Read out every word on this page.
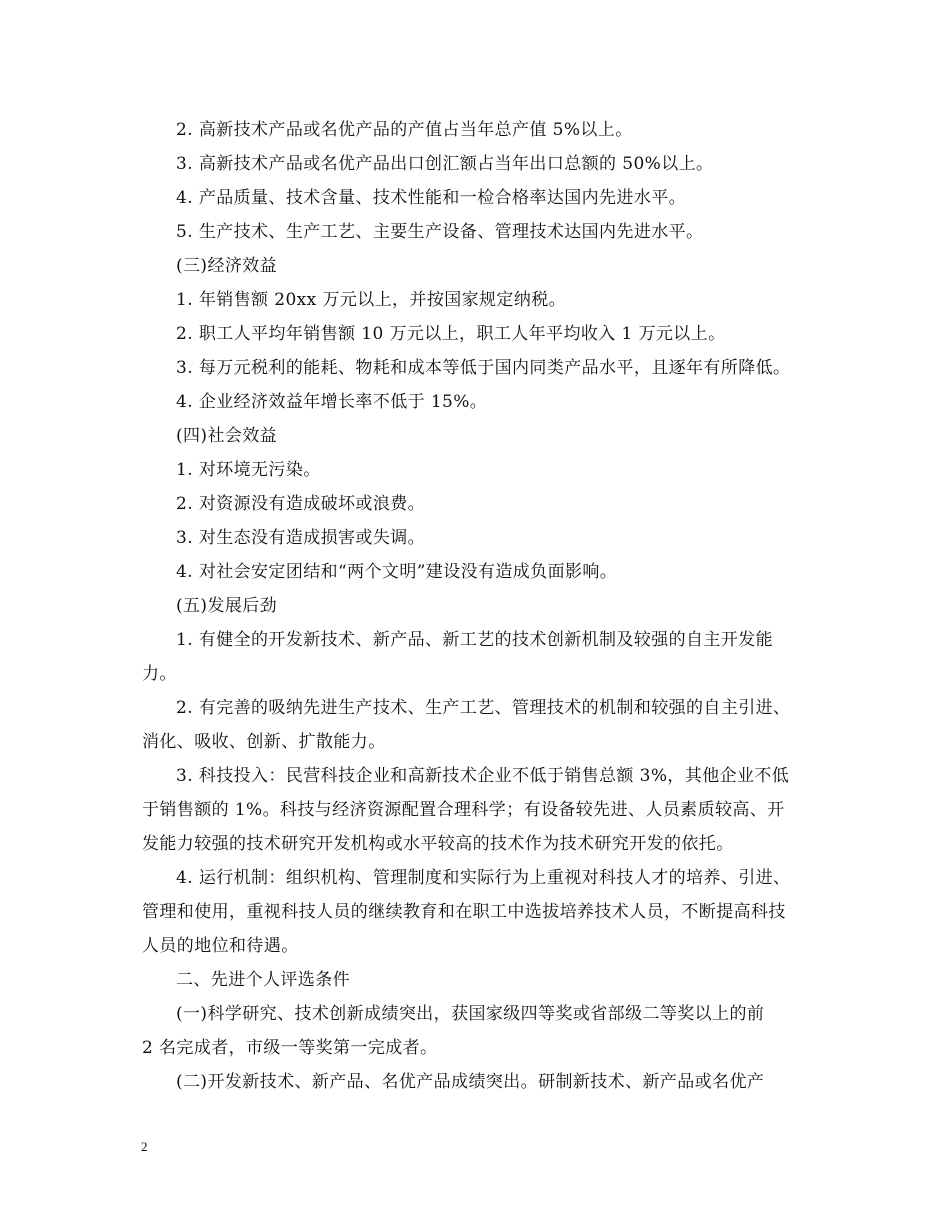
2. 高新技术产品或名优产品的产值占当年总产值 5%以上。
3. 高新技术产品或名优产品出口创汇额占当年出口总额的 50%以上。
4. 产品质量、技术含量、技术性能和一检合格率达国内先进水平。
5. 生产技术、生产工艺、主要生产设备、管理技术达国内先进水平。
(三)经济效益
1. 年销售额 20xx 万元以上，并按国家规定纳税。
2. 职工人平均年销售额 10 万元以上，职工人年平均收入 1 万元以上。
3. 每万元税利的能耗、物耗和成本等低于国内同类产品水平，且逐年有所降低。
4. 企业经济效益年增长率不低于 15%。
(四)社会效益
1. 对环境无污染。
2. 对资源没有造成破坏或浪费。
3. 对生态没有造成损害或失调。
4. 对社会安定团结和“两个文明”建设没有造成负面影响。
(五)发展后劲
1. 有健全的开发新技术、新产品、新工艺的技术创新机制及较强的自主开发能
力。
2. 有完善的吸纳先进生产技术、生产工艺、管理技术的机制和较强的自主引进、
消化、吸收、创新、扩散能力。
3. 科技投入：民营科技企业和高新技术企业不低于销售总额 3%，其他企业不低
于销售额的 1%。科技与经济资源配置合理科学；有设备较先进、人员素质较高、开
发能力较强的技术研究开发机构或水平较高的技术作为技术研究开发的依托。
4. 运行机制：组织机构、管理制度和实际行为上重视对科技人才的培养、引进、
管理和使用，重视科技人员的继续教育和在职工中选拔培养技术人员，不断提高科技
人员的地位和待遇。
二、先进个人评选条件
(一)科学研究、技术创新成绩突出，获国家级四等奖或省部级二等奖以上的前
2 名完成者，市级一等奖第一完成者。
(二)开发新技术、新产品、名优产品成绩突出。研制新技术、新产品或名优产
2
